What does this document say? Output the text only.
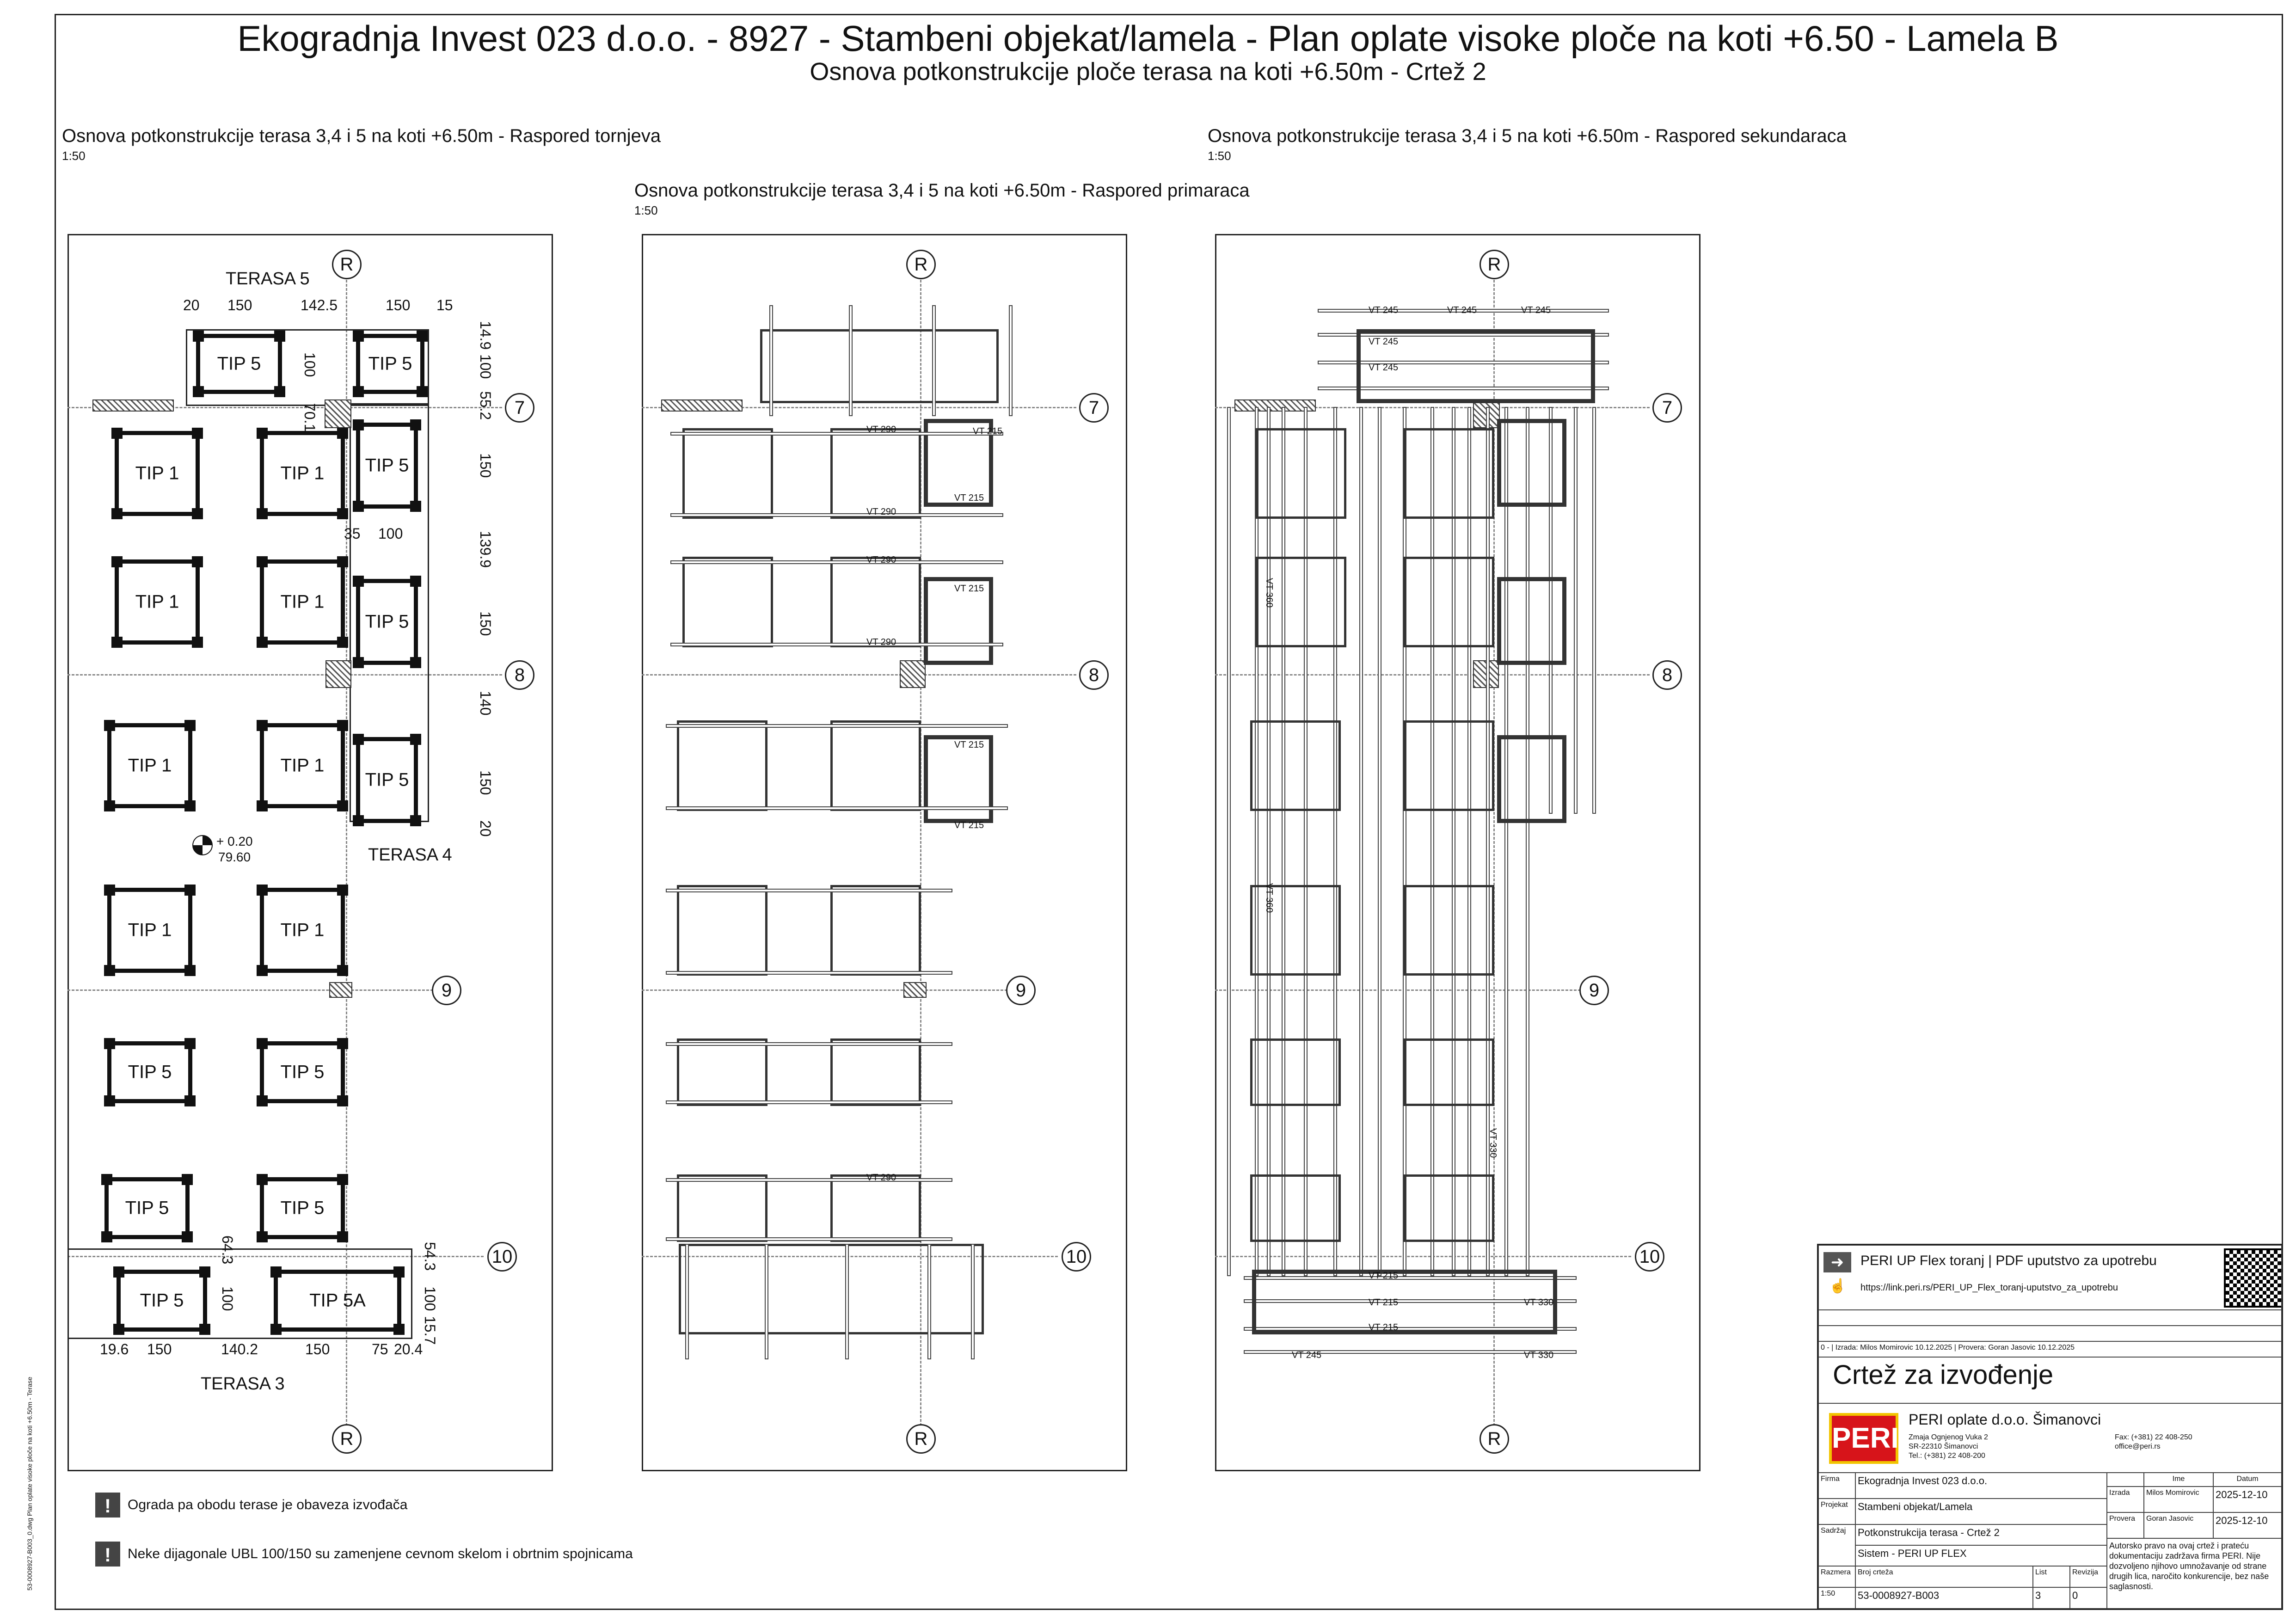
Ekogradnja Invest 023 d.o.o. - 8927 - Stambeni objekat/lamela - Plan oplate visoke ploče na koti +6.50 - Lamela B
Osnova potkonstrukcije ploče terasa na koti +6.50m - Crtež 2
Osnova potkonstrukcije terasa 3,4 i 5 na koti +6.50m - Raspored tornjeva
1:50
Osnova potkonstrukcije terasa 3,4 i 5 na koti +6.50m - Raspored primaraca
1:50
Osnova potkonstrukcije terasa 3,4 i 5 na koti +6.50m - Raspored sekundaraca
1:50
R
R
7
8
9
10
TERASA 5
TERASA 4
TERASA 3
20 150	142.5	150 15
14.9
100
55.2
150
139.9
150
140
150
20
100
70.1
35 100
64.3
100
54.3
100
15.7
19.6 150	140.2	150	75 20.4
TIP 5	TIP 5
TIP 1	TIP 1	TIP 5
TIP 1	TIP 1
TIP 5
TIP 1	TIP 1
TIP 5
TIP 1	TIP 1
TIP 5	TIP 5
TIP 5	TIP 5
TIP 5	TIP 5A
+ 0.20
79.60
R
R
7
8
9
10
VT 215
VT 215
VT 215
VT 215
VT 215
VT 290
VT 290
VT 290
VT 290
VT 290
R
R
7
8
9
10
VT 245	VT 245	VT 245
VT 245
VT 245
VT 215
VT 215
VT 215
VT 245	VT 330
VT 330
VT 360
VT 360
VT 330
!	Ograda pa obodu terase je obaveza izvođača
!	Neke dijagonale UBL 100/150 su zamenjene cevnom skelom i obrtnim spojnicama
53-0008927-B003_0.dwg Plan oplate visoke ploče na koti +6.50m - Terase
➜	PERI UP Flex toranj | PDF uputstvo za upotrebu
☝ https://link.peri.rs/PERI_UP_Flex_toranj-uputstvo_za_upotrebu
0 - | Izrada: Milos Momirovic 10.12.2025 | Provera: Goran Jasovic 10.12.2025
Crtež za izvođenje
PERI
PERI oplate d.o.o. Šimanovci
Zmaja Ognjenog Vuka 2
SR-22310 Šimanovci
Tel.: (+381) 22 408-200
Fax: (+381) 22 408-250
office@peri.rs
Firma	Ekogradnja Invest 023 d.o.o.
Projekat Stambeni objekat/Lamela
Sadržaj	Potkonstrukcija terasa - Crtež 2
Sistem - PERI UP FLEX
Ime	Datum
Izrada	Milos Momirovic	2025-12-10
Provera	Goran Jasovic	2025-12-10
Autorsko pravo na ovaj crtež i prateću dokumentaciju zadržava firma PERI. Nije dozvoljeno njihovo umnožavanje od strane drugih lica, naročito konkurencije, bez naše saglasnosti.
Razmera
1:50
Broj crteža
53-0008927-B003
List
3
Revizija
0
